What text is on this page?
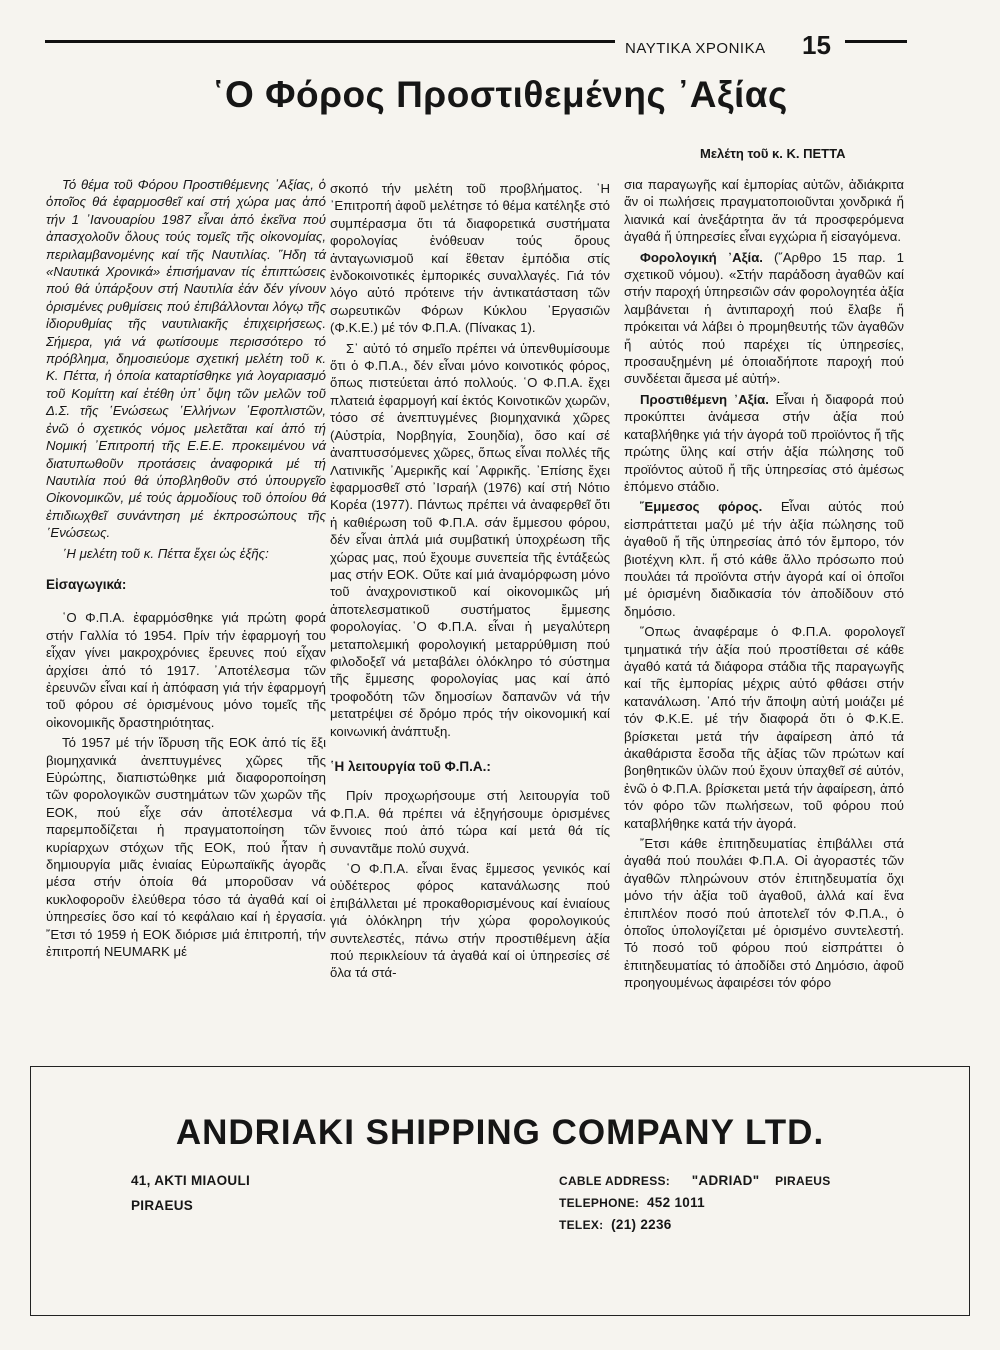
ΝΑΥΤΙΚΑ ΧΡΟΝΙΚΑ 15
῾Ο Φόρος Προστιθεμένης ᾿Αξίας
Μελέτη τοῦ κ. Κ. ΠΕΤΤΑ

Τό θέμα τοῦ Φόρου Προστιθέμενης ᾿Αξίας, ὁ ὁποῖος θά ἐφαρμοσθεῖ καί στή χώρα μας ἀπό τήν 1 ᾿Ιανουαρίου 1987 εἶναι ἀπό ἐκεῖνα πού ἀπασχολοῦν ὅλους τούς τομεῖς τῆς οἰκονομίας, περιλαμβανομένης καί τῆς Ναυτιλίας. ῞Ηδη τά «Ναυτικά Χρονικά» ἐπισήμαναν τίς ἐπιπτώσεις πού θά ὑπάρξουν στή Ναυτιλία ἐάν δέν γίνουν ὁρισμένες ρυθμίσεις πού ἐπιβάλλονται λόγῳ τῆς ἰδιορυθμίας τῆς ναυτιλιακῆς ἐπιχειρήσεως. Σήμερα, γιά νά φωτίσουμε περισσότερο τό πρόβλημα, δημοσιεύομε σχετική μελέτη τοῦ κ. Κ. Πέττα, ἡ ὁποία καταρτίσθηκε γιά λογαριασμό τοῦ Κομίττη καί ἐτέθη ὑπ᾿ ὄψη τῶν μελῶν τοῦ Δ.Σ. τῆς ῾Ενώσεως ῾Ελλήνων ᾿Εφοπλιστῶν, ἐνῶ ὁ σχετικός νόμος μελετᾶται καί ἀπό τή Νομική ᾿Επιτροπή τῆς Ε.Ε.Ε. προκειμένου νά διατυπωθοῦν προτάσεις ἀναφορικά μέ τή Ναυτιλία πού θά ὑποβληθοῦν στό ὑπουργεῖο Οἰκονομικῶν, μέ τούς ἁρμοδίους τοῦ ὁποίου θά ἐπιδιωχθεῖ συνάντηση μέ ἐκπροσώπους τῆς ῾Ενώσεως.

῾Η μελέτη τοῦ κ. Πέττα ἔχει ὡς ἑξῆς:

Εἰσαγωγικά:

῾Ο Φ.Π.Α. ἐφαρμόσθηκε γιά πρώτη φορά στήν Γαλλία τό 1954. Πρίν τήν ἐφαρμογή του εἶχαν γίνει μακροχρόνιες ἔρευνες πού εἶχαν ἀρχίσει ἀπό τό 1917. ᾿Αποτέλεσμα τῶν ἐρευνῶν εἶναι καί ἡ ἀπόφαση γιά τήν ἐφαρμογή τοῦ φόρου σέ ὁρισμένους μόνο τομεῖς τῆς οἰκονομικῆς δραστηριότητας.

Τό 1957 μέ τήν ἵδρυση τῆς ΕΟΚ ἀπό τίς ἕξι βιομηχανικά ἀνεπτυγμένες χῶρες τῆς Εὐρώπης, διαπιστώθηκε μιά διαφοροποίηση τῶν φορολογικῶν συστημάτων τῶν χωρῶν τῆς ΕΟΚ, πού εἶχε σάν ἀποτέλεσμα νά παρεμποδίζεται ἡ πραγματοποίηση τῶν κυρίαρχων στόχων τῆς ΕΟΚ, πού ἦταν ἡ δημιουργία μιᾶς ἑνιαίας Εὐρωπαϊκῆς ἀγορᾶς μέσα στήν ὁποία θά μποροῦσαν νά κυκλοφοροῦν ἐλεύθερα τόσο τά ἀγαθά καί οἱ ὑπηρεσίες ὅσο καί τό κεφάλαιο καί ἡ ἐργασία. ῎Ετσι τό 1959 ἡ ΕΟΚ διόρισε μιά ἐπιτροπή, τήν ἐπιτροπή NEUMARK μέ

σκοπό τήν μελέτη τοῦ προβλήματος. ῾Η ᾿Επιτροπή ἀφοῦ μελέτησε τό θέμα κατέληξε στό συμπέρασμα ὅτι τά διαφορετικά συστήματα φορολογίας ἐνόθευαν τούς ὅρους ἀνταγωνισμοῦ καί ἔθεταν ἐμπόδια στίς ἐνδοκοινοτικές ἐμπορικές συναλλαγές. Γιά τόν λόγο αὐτό πρότεινε τήν ἀντικατάσταση τῶν σωρευτικῶν Φόρων Κύκλου ᾿Εργασιῶν (Φ.Κ.Ε.) μέ τόν Φ.Π.Α. (Πίνακας 1).

Σ᾿ αὐτό τό σημεῖο πρέπει νά ὑπενθυμίσουμε ὅτι ὁ Φ.Π.Α., δέν εἶναι μόνο κοινοτικός φόρος, ὅπως πιστεύεται ἀπό πολλούς. ῾Ο Φ.Π.Α. ἔχει πλατειά ἐφαρμογή καί ἐκτός Κοινοτικῶν χωρῶν, τόσο σέ ἀνεπτυγμένες βιομηχανικά χῶρες (Αὐστρία, Νορβηγία, Σουηδία), ὅσο καί σέ ἀναπτυσσόμενες χῶρες, ὅπως εἶναι πολλές τῆς Λατινικῆς ᾿Αμερικῆς καί ᾿Αφρικῆς. ᾿Επίσης ἔχει ἐφαρμοσθεῖ στό ᾿Ισραήλ (1976) καί στή Νότιο Κορέα (1977). Πάντως πρέπει νά ἀναφερθεῖ ὅτι ἡ καθιέρωση τοῦ Φ.Π.Α. σάν ἔμμεσου φόρου, δέν εἶναι ἁπλά μιά συμβατική ὑποχρέωση τῆς χώρας μας, πού ἔχουμε συνεπεία τῆς ἐντάξεώς μας στήν ΕΟΚ. Οὔτε καί μιά ἀναμόρφωση μόνο τοῦ ἀναχρονιστικοῦ καί οἰκονομικῶς μή ἀποτελεσματικοῦ συστήματος ἔμμεσης φορολογίας. ῾Ο Φ.Π.Α. εἶναι ἡ μεγαλύτερη μεταπολεμική φορολογική μεταρρύθμιση πού φιλοδοξεῖ νά μεταβάλει ὁλόκληρο τό σύστημα τῆς ἔμμεσης φορολογίας μας καί ἀπό τροφοδότη τῶν δημοσίων δαπανῶν νά τήν μετατρέψει σέ δρόμο πρός τήν οἰκονομική καί κοινωνική ἀνάπτυξη.

῾Η λειτουργία τοῦ Φ.Π.Α.:

Πρίν προχωρήσουμε στή λειτουργία τοῦ Φ.Π.Α. θά πρέπει νά ἐξηγήσουμε ὁρισμένες ἔννοιες πού ἀπό τώρα καί μετά θά τίς συναντᾶμε πολύ συχνά.

῾Ο Φ.Π.Α. εἶναι ἕνας ἔμμεσος γενικός καί οὐδέτερος φόρος κατανάλωσης πού ἐπιβάλλεται μέ προκαθορισμένους καί ἑνιαίους γιά ὁλόκληρη τήν χώρα φορολογικούς συντελεστές, πάνω στήν προστιθέμενη ἀξία πού περικλείουν τά ἀγαθά καί οἱ ὑπηρεσίες σέ ὅλα τά στά-

σια παραγωγῆς καί ἐμπορίας αὐτῶν, ἀδιάκριτα ἄν οἱ πωλήσεις πραγματοποιοῦνται χονδρικά ἤ λιανικά καί ἀνεξάρτητα ἄν τά προσφερόμενα ἀγαθά ἤ ὑπηρεσίες εἶναι εγχώρια ἤ εἰσαγόμενα.

Φορολογική ᾿Αξία. (῎Αρθρο 15 παρ. 1 σχετικοῦ νόμου). «Στήν παράδοση ἀγαθῶν καί στήν παροχή ὑπηρεσιῶν σάν φορολογητέα ἀξία λαμβάνεται ἡ ἀντιπαροχή πού ἔλαβε ἤ πρόκειται νά λάβει ὁ προμηθευτής τῶν ἀγαθῶν ἤ αὐτός πού παρέχει τίς ὑπηρεσίες, προσαυξημένη μέ ὁποιαδήποτε παροχή πού συνδέεται ἄμεσα μέ αὐτή».

Προστιθέμενη ᾿Αξία. Εἶναι ἡ διαφορά πού προκύπτει ἀνάμεσα στήν ἀξία πού καταβλήθηκε γιά τήν ἀγορά τοῦ προϊόντος ἤ τῆς πρώτης ὕλης καί στήν ἀξία πώλησης τοῦ προϊόντος αὐτοῦ ἤ τῆς ὑπηρεσίας στό ἀμέσως ἐπόμενο στάδιο.

῎Εμμεσος φόρος. Εἶναι αὐτός πού εἰσπράττεται μαζύ μέ τήν ἀξία πώλησης τοῦ ἀγαθοῦ ἤ τῆς ὑπηρεσίας ἀπό τόν ἔμπορο, τόν βιοτέχνη κλπ. ἤ στό κάθε ἄλλο πρόσωπο πού πουλάει τά προϊόντα στήν ἀγορά καί οἱ ὁποῖοι μέ ὁρισμένη διαδικασία τόν ἀποδίδουν στό δημόσιο.

῞Οπως ἀναφέραμε ὁ Φ.Π.Α. φορολογεῖ τμηματικά τήν ἀξία πού προστίθεται σέ κάθε ἀγαθό κατά τά διάφορα στάδια τῆς παραγωγῆς καί τῆς ἐμπορίας μέχρις αὐτό φθάσει στήν κατανάλωση. ᾿Από τήν ἄποψη αὐτή μοιάζει μέ τόν Φ.Κ.Ε. μέ τήν διαφορά ὅτι ὁ Φ.Κ.Ε. βρίσκεται μετά τήν ἀφαίρεση ἀπό τά ἀκαθάριστα ἔσοδα τῆς ἀξίας τῶν πρώτων καί βοηθητικῶν ὑλῶν πού ἔχουν ὑπαχθεῖ σέ αὐτόν, ἐνῶ ὁ Φ.Π.Α. βρίσκεται μετά τήν ἀφαίρεση, ἀπό τόν φόρο τῶν πωλήσεων, τοῦ φόρου πού καταβλήθηκε κατά τήν ἀγορά.

῎Ετσι κάθε ἐπιτηδευματίας ἐπιβάλλει στά ἀγαθά πού πουλάει Φ.Π.Α. Οἱ ἀγοραστές τῶν ἀγαθῶν πληρώνουν στόν ἐπιτηδευματία ὄχι μόνο τήν ἀξία τοῦ ἀγαθοῦ, ἀλλά καί ἕνα ἐπιπλέον ποσό πού ἀποτελεῖ τόν Φ.Π.Α., ὁ ὁποῖος ὑπολογίζεται μέ ὁρισμένο συντελεστή. Τό ποσό τοῦ φόρου πού εἰσπράττει ὁ ἐπιτηδευματίας τό ἀποδίδει στό Δημόσιο, ἀφοῦ προηγουμένως ἀφαιρέσει τόν φόρο

ANDRIAKI SHIPPING COMPANY LTD.
41, AKTI MIAOULI
PIRAEUS
CABLE ADDRESS: "ADRIAD" PIRAEUS
TELEPHONE: 452 1011
TELEX: (21) 2236
